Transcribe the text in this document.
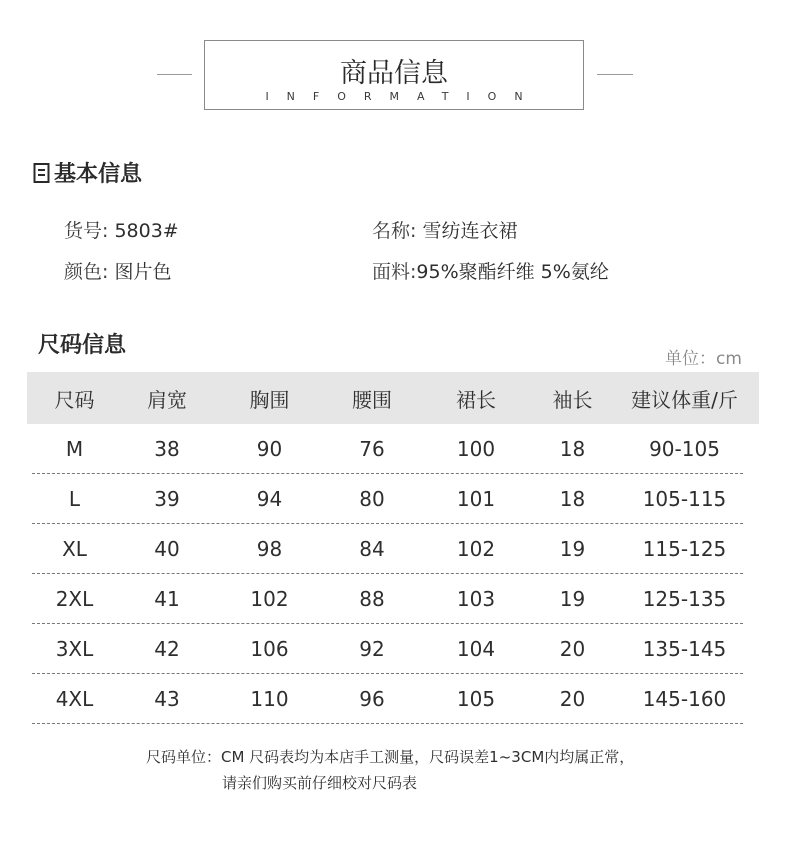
商品信息
INFORMATION
基本信息
货号: 5803#	名称: 雪纺连衣裙
颜色: 图片色	面料:95%聚酯纤维 5%氨纶
尺码信息
单位：cm
尺码	肩宽	胸围	腰围	裙长	袖长	建议体重/斤
M	38	90	76	100	18	90-105
L	39	94	80	101	18	105-115
XL	40	98	84	102	19	115-125
2XL	41	102	88	103	19	125-135
3XL	42	106	92	104	20	135-145
4XL	43	110	96	105	20	145-160
尺码单位：CM 尺码表均为本店手工测量，尺码误差1~3CM内均属正常，
请亲们购买前仔细校对尺码表
